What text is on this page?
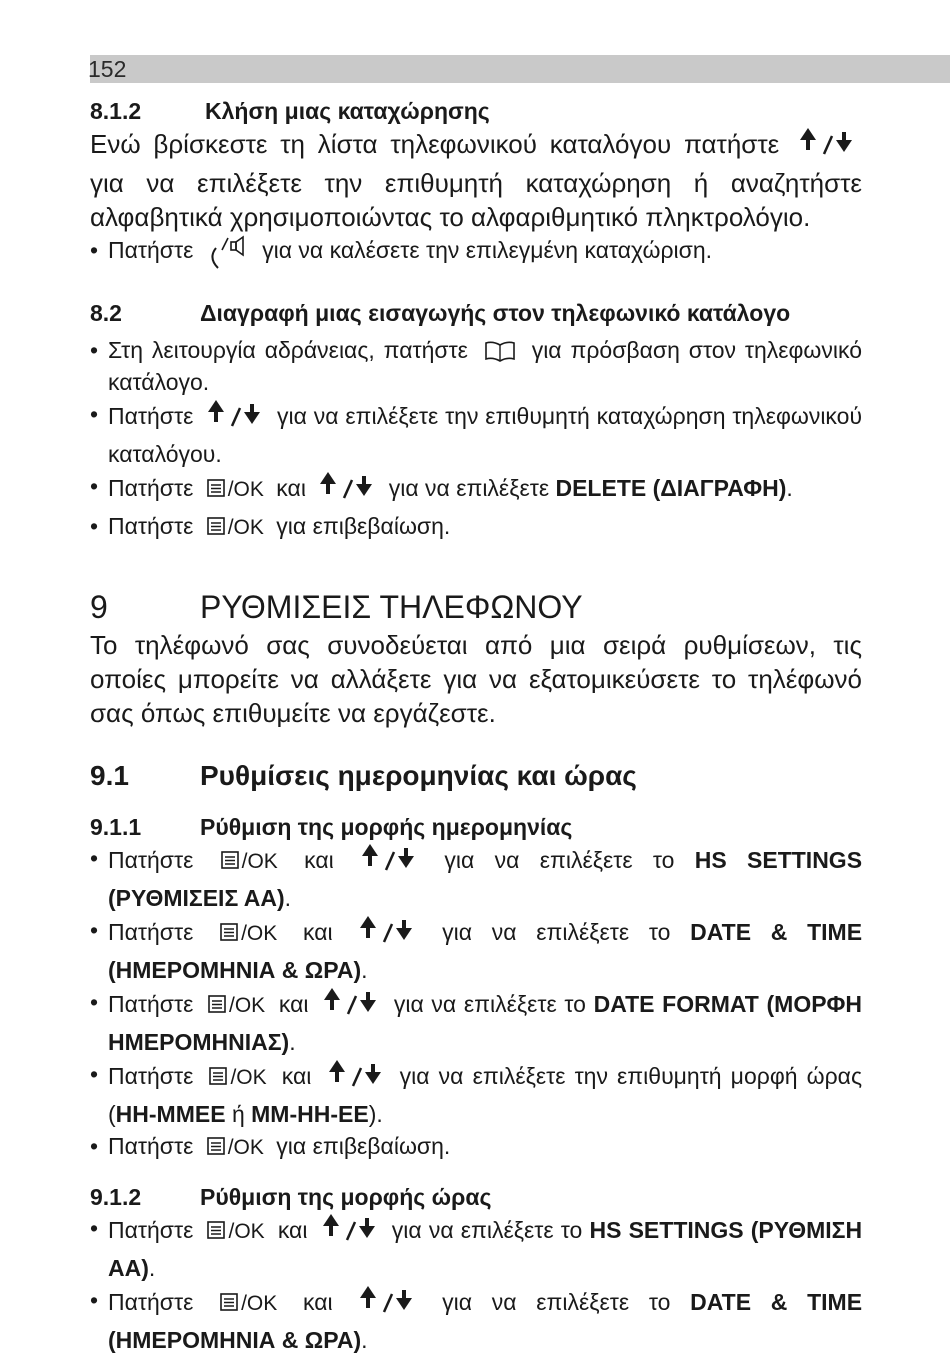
152
8.1.2	Κλήση μιας καταχώρησης

Ενώ βρίσκεστε τη λίστα τηλεφωνικού καταλόγου πατήστε  για να επιλέξετε την επιθυμητή καταχώρηση ή αναζητήστε αλφαβητικά χρησιμοποιώντας το αλφαριθμητικό πληκτρολόγιο.

• Πατήστε	για να καλέσετε την επιλεγμένη καταχώριση.
8.2	Διαγραφή μιας εισαγωγής στον τηλεφωνικό κατάλογο
• Στη λειτουργία αδράνειας, πατήστε	για πρόσβαση στον τηλεφωνικό κατάλογο.
• Πατήστε	για να επιλέξετε την επιθυμητή καταχώρηση τηλεφωνικού καταλόγου.
• Πατήστε /OK και	για να επιλέξετε DELETE (ΔΙΑΓΡΑΦΗ).
• Πατήστε /OK για επιβεβαίωση.
9	ΡΥΘΜΙΣΕΙΣ ΤΗΛΕΦΩΝΟΥ

Το τηλέφωνό σας συνοδεύεται από μια σειρά ρυθμίσεων, τις οποίες μπορείτε να αλλάξετε για να εξατομικεύσετε το τηλέφωνό σας όπως επιθυμείτε να εργάζεστε.

9.1	Ρυθμίσεις ημερομηνίας και ώρας
9.1.1	Ρύθμιση της μορφής ημερομηνίας
• Πατήστε /OK και	για να επιλέξετε το HS SETTINGS (ΡΥΘΜΙΣΕΙΣ ΑΑ).
• Πατήστε /OK και	για να επιλέξετε το DATE & TIME (ΗΜΕΡΟΜΗΝΙΑ & ΩΡΑ).
• Πατήστε /OK και	για να επιλέξετε το DATE FORMAT (ΜΟΡΦΗ ΗΜΕΡΟΜΗΝΙΑΣ).
• Πατήστε /OK και	για να επιλέξετε την επιθυμητή μορφή ώρας (ΗΗ-ΜΜΕΕ ή ΜΜ-ΗΗ-ΕΕ).
• Πατήστε /OK για επιβεβαίωση.
9.1.2	Ρύθμιση της μορφής ώρας
• Πατήστε /OK και	για να επιλέξετε το HS SETTINGS (ΡΥΘΜΙΣΗ ΑΑ).
• Πατήστε /OK και	για να επιλέξετε το DATE & TIME (ΗΜΕΡΟΜΗΝΙΑ & ΩΡΑ).
